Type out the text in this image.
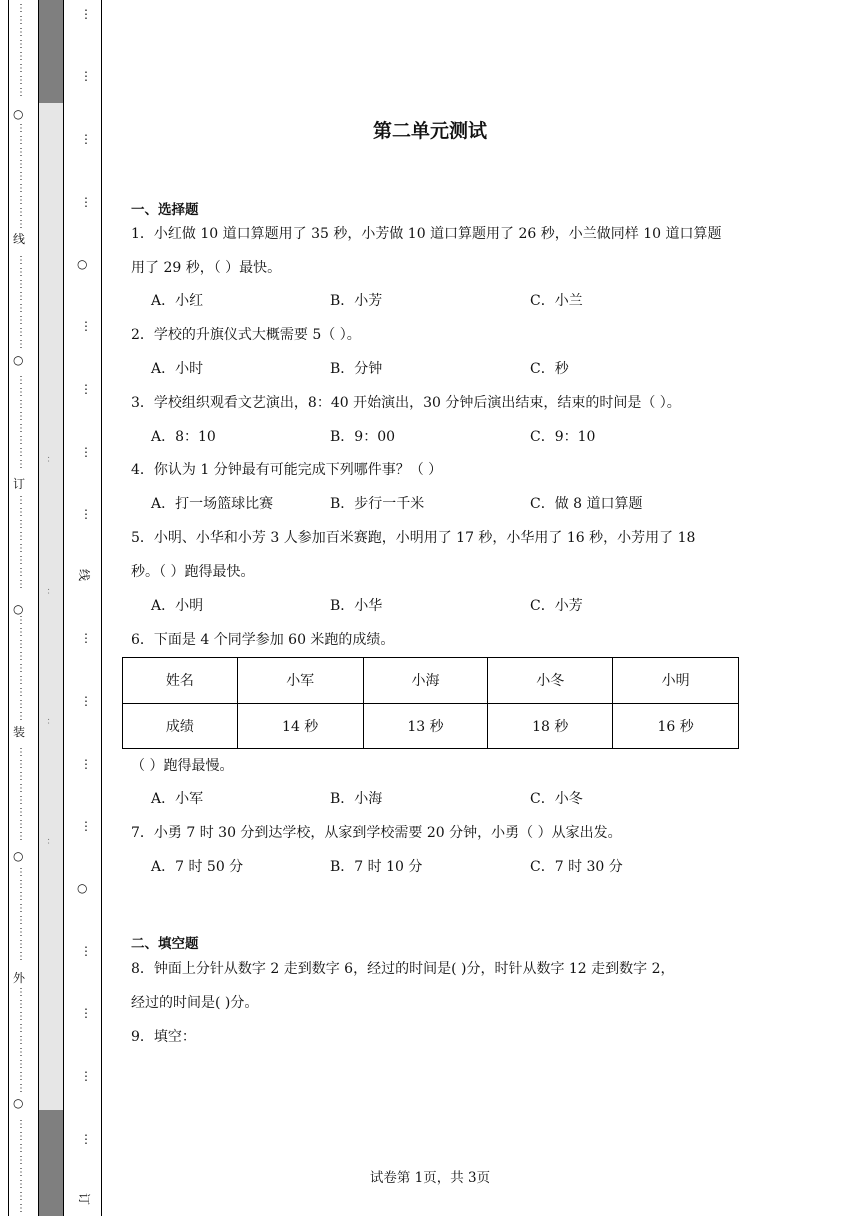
⋮
⋮
⋮
⋮
⋮
⋮
⋮
⋮
⋮
⋮
⋮
⋮
⋮
⋮
⋮
⋮
⋮
⋮
⋮
⋮
⋮
⋮
⋮
⋮
⋮
⋮
⋮
⋮
⋮
⋮
⋮
⋮
⋮
⋮
⋮
⋮
⋮
⋮
⋮
⋮
⋮
⋮
⋮
⋮
⋮
⋮
⋮
⋮
⋮
⋮
⋮
⋮
⋮
⋮
⋮
⋮
⋮
⋮
⋮
⋮
⋮
⋮
⋮
⋮
⋮
⋮
⋮
⋮
⋮
⋮
⋮
⋮
⋮
⋮
⋮
⋮
⋮
⋮
⋮
⋮
⋮
⋮
⋮
○
线
○
订
○
装
○
外
○
：
：
：
：
⋮
⋮
⋮
⋮
⋮
⋮
⋮
⋮
⋮
⋮
⋮
⋮
⋮
⋮
⋮
⋮
○
○
线
订
第二单元测试
一、选择题
1．小红做 10 道口算题用了 35 秒，小芳做 10 道口算题用了 26 秒，小兰做同样 10 道口算题
用了 29 秒，（ ）最快。
A．小红	B．小芳	C．小兰
2．学校的升旗仪式大概需要 5（ ）。
A．小时	B．分钟	C．秒
3．学校组织观看文艺演出，8：40 开始演出，30 分钟后演出结束，结束的时间是（ ）。
A．8：10	B．9：00	C．9：10
4．你认为 1 分钟最有可能完成下列哪件事？（ ）
A．打一场篮球比赛	B．步行一千米	C．做 8 道口算题
5．小明、小华和小芳 3 人参加百米赛跑，小明用了 17 秒，小华用了 16 秒，小芳用了 18
秒。（ ）跑得最快。
A．小明	B．小华	C．小芳
6．下面是 4 个同学参加 60 米跑的成绩。
姓名	小军	小海	小冬	小明
成绩	14 秒	13 秒	18 秒	16 秒
（ ）跑得最慢。
A．小军	B．小海	C．小冬
7．小勇 7 时 30 分到达学校，从家到学校需要 20 分钟，小勇（ ）从家出发。
A．7 时 50 分	B．7 时 10 分	C．7 时 30 分
二、填空题
8．钟面上分针从数字 2 走到数字 6，经过的时间是( )分，时针从数字 12 走到数字 2，
经过的时间是( )分。
9．填空：
试卷第 1页，共 3页
